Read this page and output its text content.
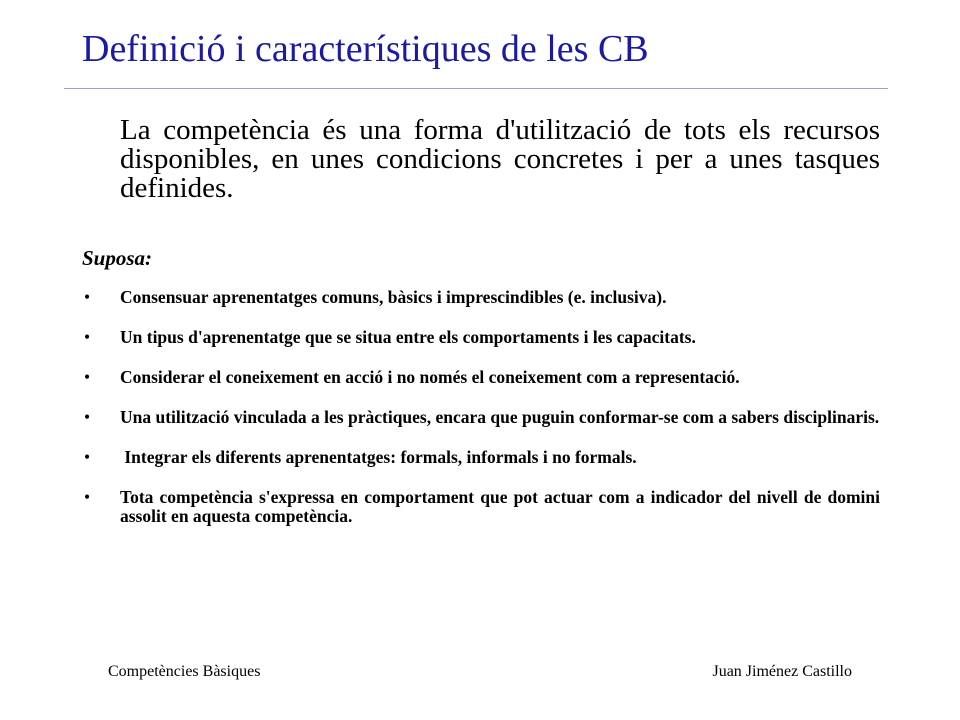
Definició i característiques de les CB
La competència és una forma d'utilització de tots els recursos disponibles, en unes condicions concretes i per a unes tasques definides.
Suposa:
• Consensuar aprenentatges comuns, bàsics i imprescindibles (e. inclusiva).
• Un tipus d'aprenentatge que se situa entre els comportaments i les capacitats.
• Considerar el coneixement en acció i no només el coneixement com a representació.
• Una utilització vinculada a les pràctiques, encara que puguin conformar-se com a sabers disciplinaris.
• Integrar els diferents aprenentatges: formals, informals i no formals.
• Tota competència s'expressa en comportament que pot actuar com a indicador del nivell de domini assolit en aquesta competència.
Competències Bàsiques	Juan Jiménez Castillo
